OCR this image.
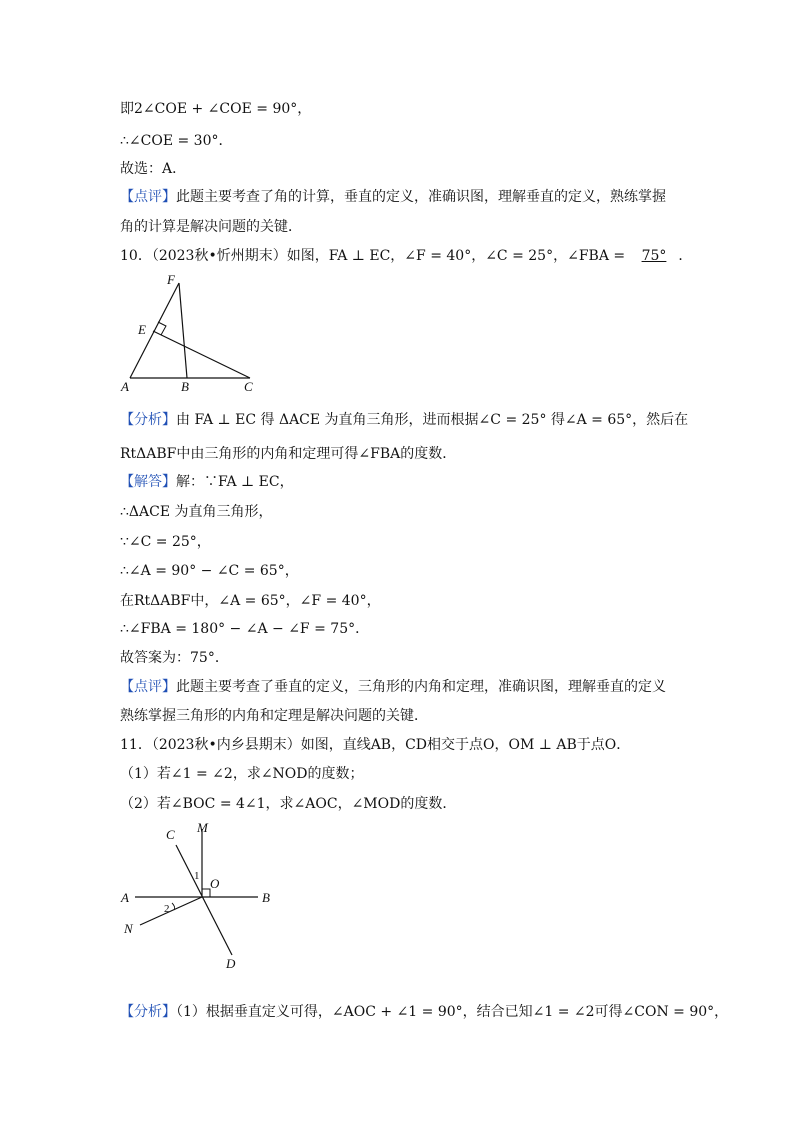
即2∠COE + ∠COE = 90°，
∴∠COE = 30°．
故选：A．
【点评】此题主要考查了角的计算，垂直的定义，准确识图，理解垂直的定义，熟练掌握
角的计算是解决问题的关键．
10．（2023秋•忻州期末）如图，FA ⊥ EC，∠F = 40°，∠C = 25°，∠FBA = 75° ．
F
E
A	B	C
【分析】由 FA ⊥ EC 得 ΔACE 为直角三角形，进而根据∠C = 25° 得∠A = 65°，然后在
RtΔABF中由三角形的内角和定理可得∠FBA的度数．
【解答】解：∵FA ⊥ EC，
∴ΔACE 为直角三角形，
∵∠C = 25°，
∴∠A = 90° − ∠C = 65°，
在RtΔABF中，∠A = 65°，∠F = 40°，
∴∠FBA = 180° − ∠A − ∠F = 75°．
故答案为：75°．
【点评】此题主要考查了垂直的定义，三角形的内角和定理，准确识图，理解垂直的定义
熟练掌握三角形的内角和定理是解决问题的关键．
11．（2023秋•内乡县期末）如图，直线AB，CD相交于点O，OM ⊥ AB于点O．
（1）若∠1 = ∠2，求∠NOD的度数；
（2）若∠BOC = 4∠1，求∠AOC，∠MOD的度数．
C M
O
A	B
N
D
1
2
【分析】（1）根据垂直定义可得，∠AOC + ∠1 = 90°，结合已知∠1 = ∠2可得∠CON = 90°，
